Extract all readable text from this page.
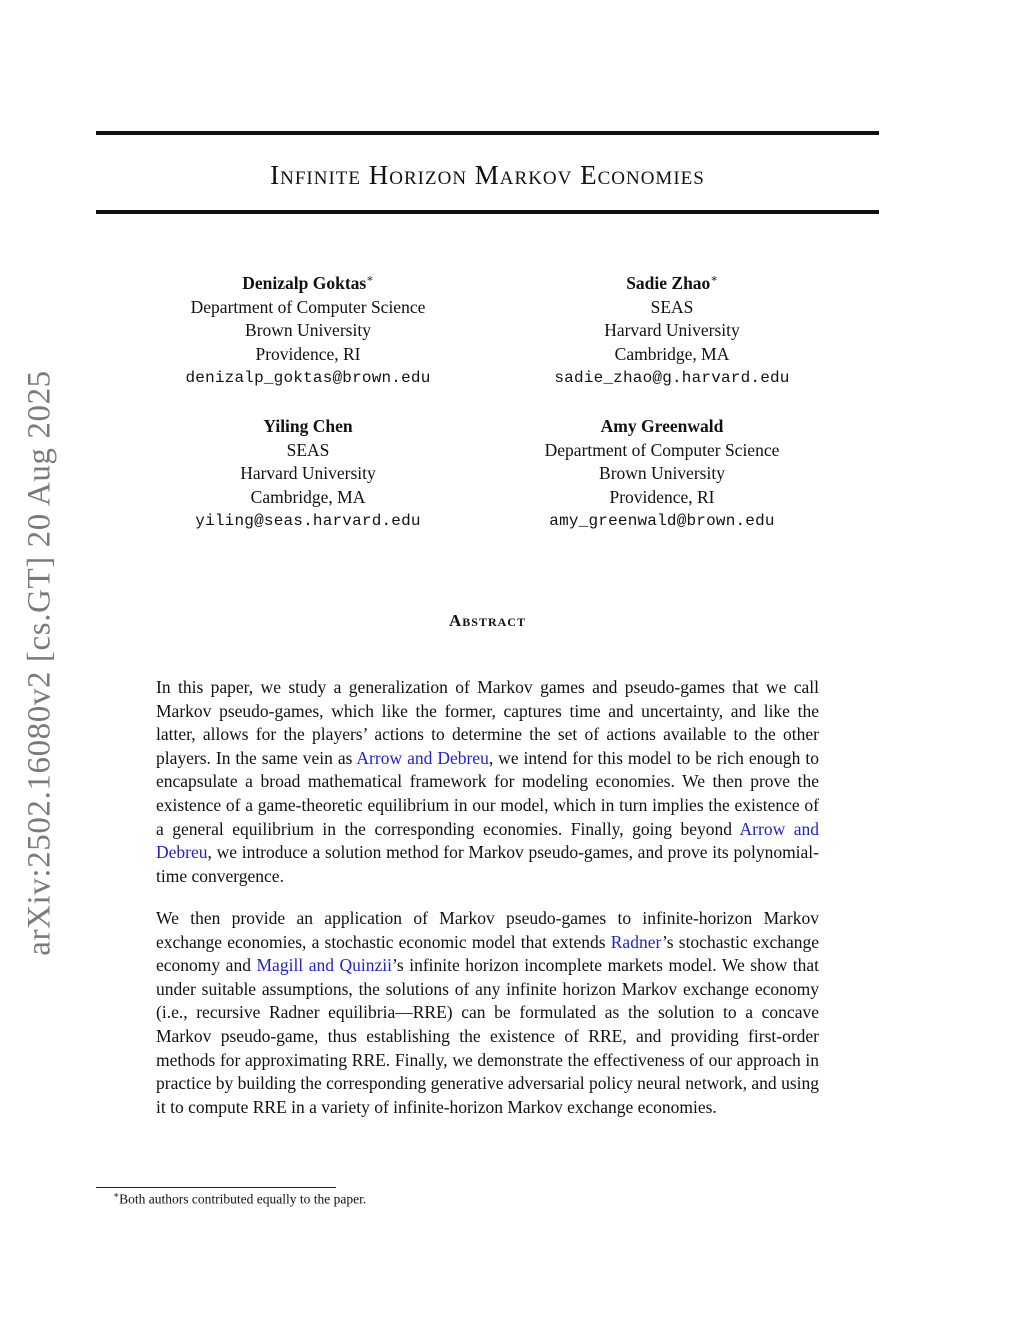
arXiv:2502.16080v2 [cs.GT] 20 Aug 2025
Infinite Horizon Markov Economies
Denizalp Goktas∗
Department of Computer Science
Brown University
Providence, RI
denizalp_goktas@brown.edu
Sadie Zhao∗
SEAS
Harvard University
Cambridge, MA
sadie_zhao@g.harvard.edu
Yiling Chen
SEAS
Harvard University
Cambridge, MA
yiling@seas.harvard.edu
Amy Greenwald
Department of Computer Science
Brown University
Providence, RI
amy_greenwald@brown.edu
Abstract

In this paper, we study a generalization of Markov games and pseudo-games that we call Markov pseudo-games, which like the former, captures time and uncertainty, and like the latter, allows for the players’ actions to determine the set of actions available to the other players. In the same vein as Arrow and Debreu, we intend for this model to be rich enough to encapsulate a broad mathematical framework for modeling economies. We then prove the existence of a game-theoretic equilibrium in our model, which in turn implies the existence of a general equilibrium in the corresponding economies. Finally, going beyond Arrow and Debreu, we introduce a solution method for Markov pseudo-games, and prove its polynomial-time convergence.

We then provide an application of Markov pseudo-games to infinite-horizon Markov exchange economies, a stochastic economic model that extends Radner’s stochastic exchange economy and Magill and Quinzii’s infinite horizon incomplete markets model. We show that under suitable assumptions, the solutions of any infinite horizon Markov exchange economy (i.e., recursive Radner equilibria—RRE) can be formulated as the solution to a concave Markov pseudo-game, thus establishing the existence of RRE, and providing first-order methods for approximating RRE. Finally, we demonstrate the effectiveness of our approach in practice by building the corresponding generative adversarial policy neural network, and using it to compute RRE in a variety of infinite-horizon Markov exchange economies.

∗Both authors contributed equally to the paper.
